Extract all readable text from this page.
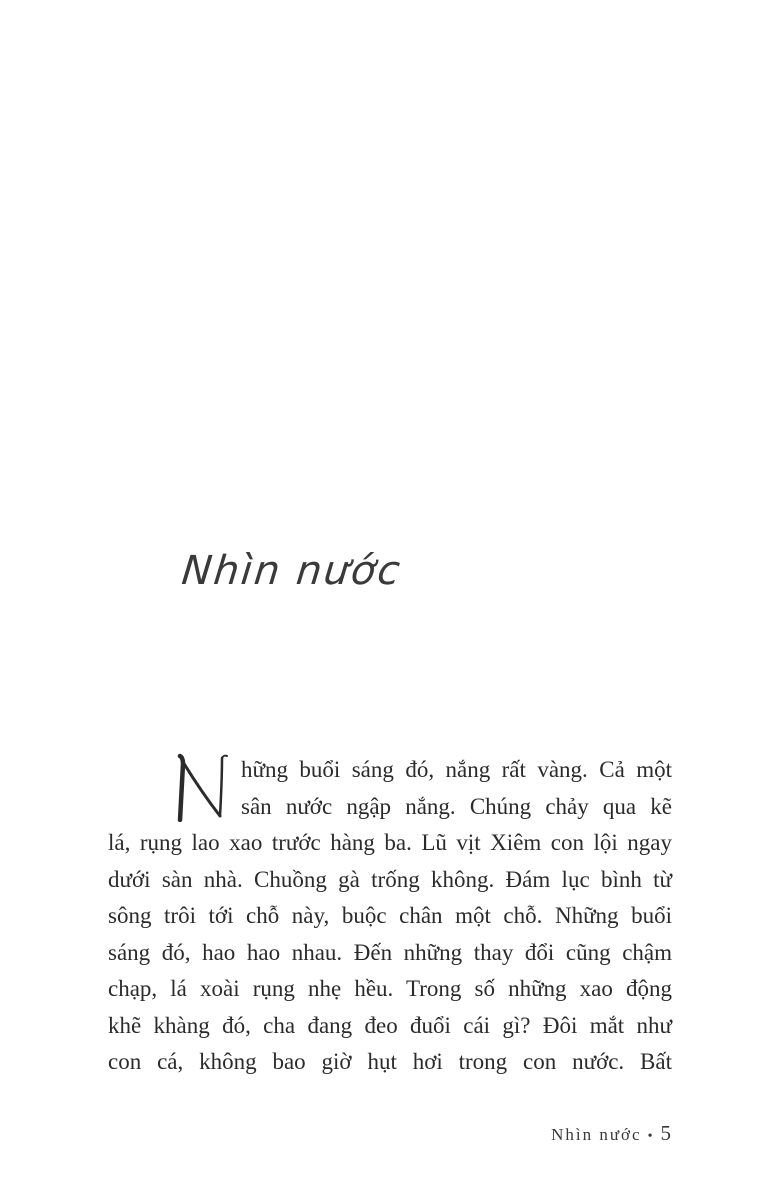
Nhìn nước
hững buổi sáng đó, nắng rất vàng. Cả một
sân nước ngập nắng. Chúng chảy qua kẽ
lá, rụng lao xao trước hàng ba. Lũ vịt Xiêm con lội ngay
dưới sàn nhà. Chuồng gà trống không. Đám lục bình từ
sông trôi tới chỗ này, buộc chân một chỗ. Những buổi
sáng đó, hao hao nhau. Đến những thay đổi cũng chậm
chạp, lá xoài rụng nhẹ hều. Trong số những xao động
khẽ khàng đó, cha đang đeo đuổi cái gì? Đôi mắt như
con cá, không bao giờ hụt hơi trong con nước. Bất
Nhìn nước • 5
